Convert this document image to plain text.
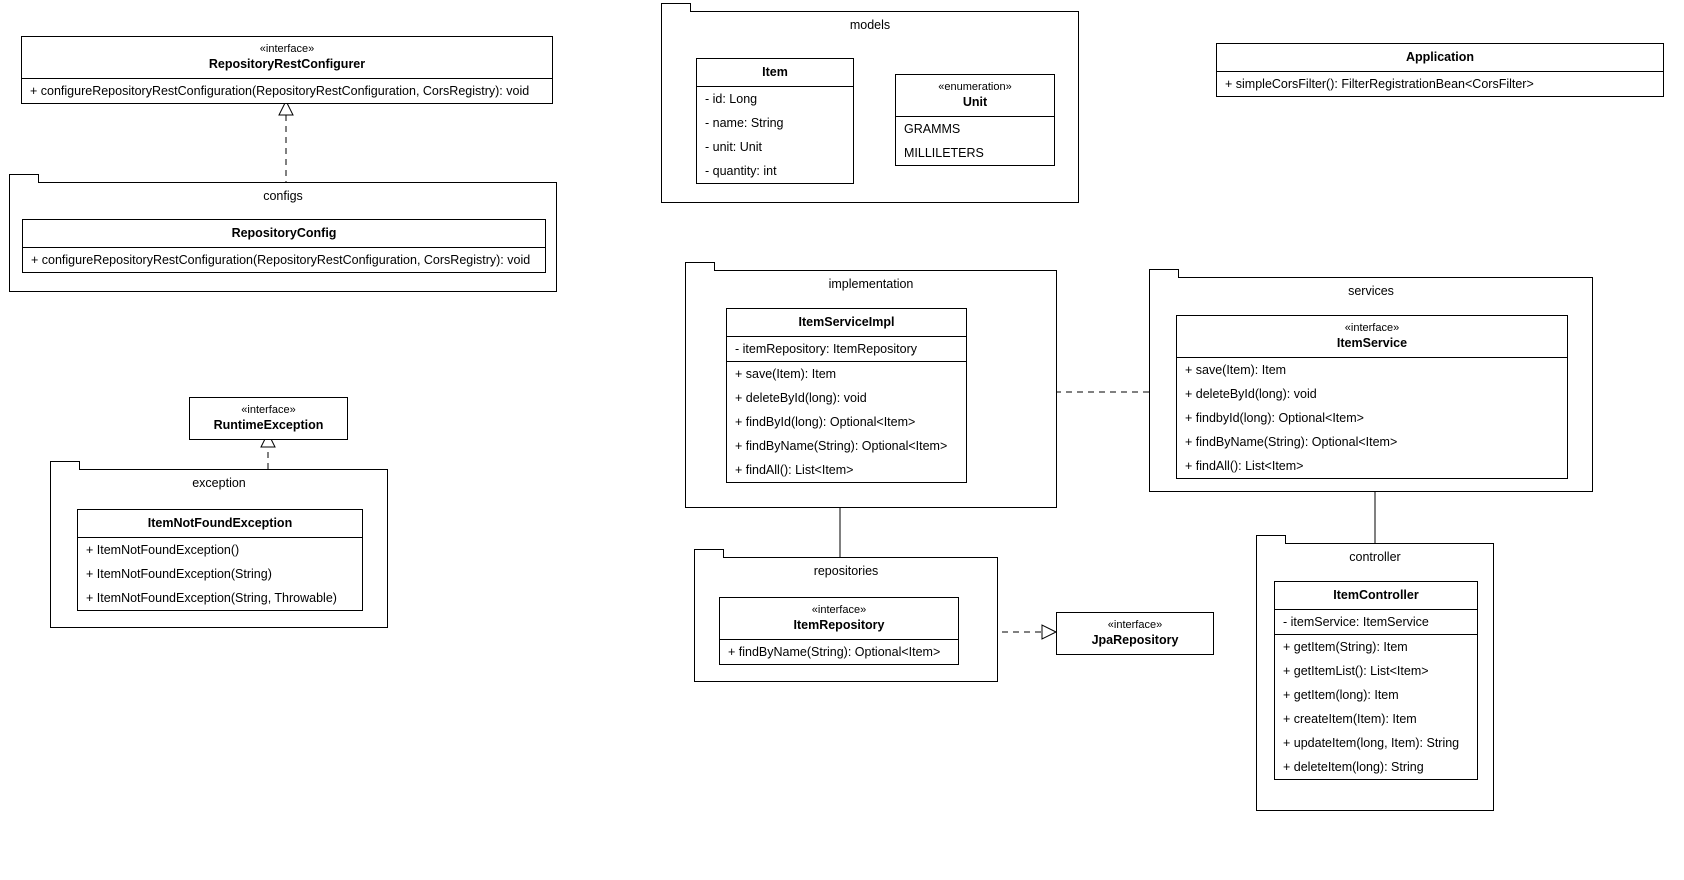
«interface»
RepositoryRestConfigurer
+ configureRepositoryRestConfiguration(RepositoryRestConfiguration, CorsRegistry): void
configs
RepositoryConfig
+ configureRepositoryRestConfiguration(RepositoryRestConfiguration, CorsRegistry): void
«interface»
RuntimeException
exception
ItemNotFoundException
+ ItemNotFoundException()
+ ItemNotFoundException(String)
+ ItemNotFoundException(String, Throwable)
models
Item
- id: Long
- name: String
- unit: Unit
- quantity: int
«enumeration»
Unit
GRAMMS
MILLILETERS
Application
+ simpleCorsFilter(): FilterRegistrationBean<CorsFilter>
implementation
ItemServiceImpl
- itemRepository: ItemRepository
+ save(Item): Item
+ deleteById(long): void
+ findById(long): Optional<Item>
+ findByName(String): Optional<Item>
+ findAll(): List<Item>
repositories
«interface»
ItemRepository
+ findByName(String): Optional<Item>
«interface»
JpaRepository
services
«interface»
ItemService
+ save(Item): Item
+ deleteById(long): void
+ findbyId(long): Optional<Item>
+ findByName(String): Optional<Item>
+ findAll(): List<Item>
controller
ItemController
- itemService: ItemService
+ getItem(String): Item
+ getItemList(): List<Item>
+ getItem(long): Item
+ createItem(Item): Item
+ updateItem(long, Item): String
+ deleteItem(long): String
